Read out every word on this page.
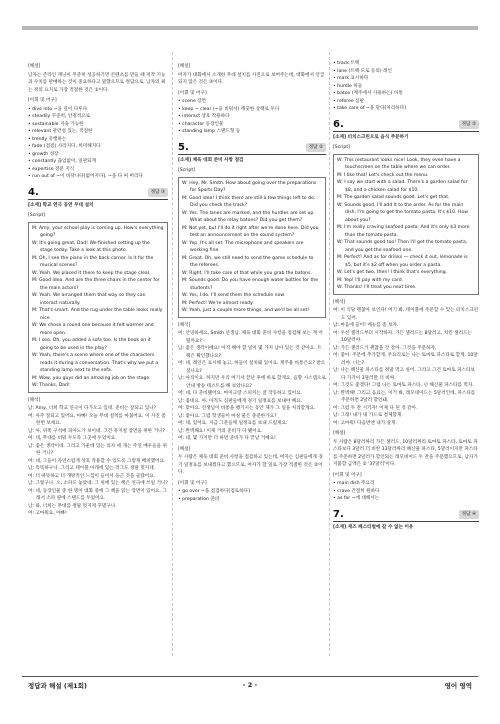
[해설]

남자는 존라인 재닝이 무준히 성공하기면 콘텐츠를 만들 때 저작 기능과 수치를 판매하는 것이 중요하다고 말했으므로 정답으로, 남자의 최는 정의 요지로 가장 적절한 것은 ②이다.

[어휘 및 어구]

• dive into ~을 깊이 다루다

• steadily 꾸준히, 안정적으로

• sustainable 지속 가능한

• relevant 관련성 있는, 적절한

• trendy 유행하는

• fade (점점) 사라지다, 희미해지다

• growth 성장

• constantly 끊임없이, 일관되게

• expertise 전문 지식

• run out of ~이 바닥나다[없어지다], ~을 다 써 버리다

4.	정답 ③

[소재] 학교 연극 공연 무대 설치

[Script]

M: Amy, your school play is coming up. How's everything going?

W: It's going great, Dad! We finished setting up the stage today. Take a look at this photo.

M: Oh, I see the piano in the back corner. Is it for the musical scenes?

W: Yeah. We placed it there to keep the stage clear.

M: Good idea. And are the three chairs in the center for the main actors?

W: Yeah. We arranged them that way so they can interact naturally.

M: That's smart. And the rug under the table looks really nice.

W: We chose a round one because it felt warmer and more open.

M: I see. Oh, you added a sofa too. Is the book on it going to be used in the play?

W: Yeah, there's a scene where one of the characters reads it during a conversation. That's why we put a standing lamp next to the sofa.

M: Wow, you guys did an amazing job on the stage.

W: Thanks, Dad!

[해석]

남: Amy, 너희 학교 연극이 다가오고 있네. 준비는 잘되고 있니?

여: 아주 잘되고 있어요, 아빠! 오늘 무대 설치를 마쳤어요. 이 사진 좀 한번 보세요.

남: 아, 뒤쪽 구석에 피아노가 보이네. 그건 뮤지컬 장면을 위한 거니?

여: 네, 무대를 비워 두도록 그곳에 두었어요.

남: 좋은 생각이네. 그리고 가운데 있는 의자 세 개는 주연 배우들을 위한 거니?

여: 네, 그들이 자연스럽게 상호 작용할 수 있도록 그렇게 배치했어요.

남: 똑똑하구나. 그리고 테이블 아래에 있는 러그도 정말 멋지네.

여: 더 따뜻하고 더 개방적인 느낌이 들어서 둥근 것을 골랐어요.

남: 그렇구나. 오, 소파도 놓았네. 그 위에 있는 책은 연극에 쓰일 거니?

여: 네, 등장인물 중 한 명이 대화 중에 그 책을 읽는 장면이 있어요. 그래서 소파 옆에 스탠드를 두었어요.

남: 와, 너희는 무대를 정말 멋지게 꾸몄구나.

여: 고마워요, 아빠!

[해설]

여자가 대화에서 소개한 무대 설치를 사진으로 보여주는데, 대화에서 언급되지 않은 것은 ③이다.

[어휘 및 어구]

• scene 장면

• keep ~ clear (~을 비워서) 깨끗한 상태로 두다

• interact 상호 작용하다

• character 등장인물

• standing lamp 스탠드형 등

5.	정답 ②

[소재] 체육 대회 준비 사항 점검

[Script]

W: Hey, Mr. Smith. How about going over the preparations for Sports Day?

M: Good idea! I think there are still a few things left to do. Did you check the track?

W: Yes. The lanes are marked, and the hurdles are set up. What about the relay batons? Did you get them?

M: Not yet, but I'll do it right after we're done here. Did you test an announcement on the sound system?

W: Yep. It's all set. The microphone and speakers are working fine.

M: Great. Oh, we still need to send the game schedule to the referees.

W: Right. I'll take care of that while you grab the batons.

M: Sounds good. Do you have enough water bottles for the students?

W: Yes, I do. I'll send them the schedule now.

M: Perfect! We're almost ready.

W: Yeah, just a couple more things, and we'll be all set!

[해석]

여: 안녕하세요, Smith 선생님. 체육 대회 준비 사항을 점검해 보는 게 어떨까요?

남: 좋은 생각이에요! 아직 해야 할 일이 몇 가지 남아 있는 것 같아요. 트랙은 확인했나요?

여: 네, 레인은 표시해 놓고, 허들이 설치돼 있어요. 계주용 바통은요? 받으셨나요?

남: 아직이요. 하지만 우리 여기서 끝난 후에 바로 할게요. 음향 시스템으로 안내 방송 테스트를 해 보았나요?

여: 네, 다 준비됐어요. 마이크랑 스피커는 잘 작동하고 있어요.

남: 좋네요. 아, 아직도 심판들에게 경기 일정표를 보내야 해요.

여: 맞아요. 선생님이 바통을 챙기시는 동안 제가 그 일을 처리할게요.

남: 좋아요. 그럼 학생들이 마실 물은 충분한가요?

여: 네, 있어요. 지금 그분들께 일정표를 보내 드릴게요.

남: 완벽해요! 이제 거의 준비가 다 됐어요.

여: 네, 몇 가지만 더 하면 준비가 다 끝날 거예요!

[해설]

두 사람은 체육 대회 준비 사항을 점검하고 있는데, 여자는 심판들에게 경기 일정표를 보내겠다고 했으므로, 여자가 할 일로 가장 적절한 것은 ②이다.

[어휘 및 어구]

• go over ~을 점검하다[검토하다]

• preparation 준비

• track 트랙

• lane (트랙·도로 등의) 레인

• mark 표시하다

• hurdle 허들

• baton (계주에서 사용하는) 바통

• referee 심판

• take care of ~을 맡다[처리하다]

6.	정답 ②

[소재] 터치스크린으로 음식 주문하기

[Script]

W: This restaurant looks nice! Look, they even have a touchscreen on the table where we can order.

M: I like that! Let's check out the menu.

W: I say we start with a salad. There's a garden salad for $8, and a chicken salad for $10.

M: The garden salad sounds good. Let's get that.

W: Sounds good. I'll add it to the order. As for the main dish, I'm going to get the tomato pasta. It's $10. How about you?

M: I'm really craving seafood pasta. And it's only $3 more than the tomato pasta.

W: That sounds good too! Then I'll get the tomato pasta, and you get the seafood one.

M: Perfect! And as for drinks — check it out, lemonade is $5, but it's $2 off when you order a pasta.

W: Let's get two, then! I think that's everything.

M: Yep! I'll pay with my card.

W: Thanks! I'll treat you next time.

[해석]

여: 이 식당 괜찮아 보인다! 여기 봐, 테이블에 주문할 수 있는 터치스크린도 있어.

남: 마음에 들어! 메뉴를 좀 보자.

여: 우선 샐러드부터 시작하자. 가든 샐러드는 8달러고, 치킨 샐러드는 10달러야.

남: 가든 샐러드가 괜찮을 것 같아. 그것을 주문하자.

여: 좋아. 주문에 추가할게. 주요리로는 나는 토마토 파스타로 할게. 10달러야. 너는?

남: 나는 해산물 파스타를 정말 먹고 싶어. 그리고 그건 토마토 파스타보다 가격이 3달러만 더 비싸.

여: 그것도 좋겠다! 그럼 나는 토마토 파스타, 넌 해산물 파스타를 먹자.

남: 완벽해! 그리고 음료는, 이거 봐, 레모네이드는 5달러인데, 파스타를 주문하면 2달러 할인돼.

여: 그럼 두 잔 시키자! 이제 다 된 것 같아.

남: 그래! 내가 내 카드로 결제할게.

여: 고마워! 다음번엔 내가 살게.

[해설]

두 사람은 8달러짜리 가든 샐러드, 10달러짜리 토마토 파스타, 토마토 파스타보다 3달러 더 비싼 13달러짜리 해산물 파스타, 5달러이지만 파스타를 주문하면 2달러가 할인되는 레모네이드 두 잔을 주문했으므로, 남자가 지불할 금액은 ② '37달러'이다.

[어휘 및 어구]

• main dish 주요리

• crave 간절히 원하다

• as for ~에 대해서는

7.	정답 ④

[소재] 재즈 페스티벌에 갈 수 없는 이유

정답과 해설 (제1회)	- 2 -	영어 영역
